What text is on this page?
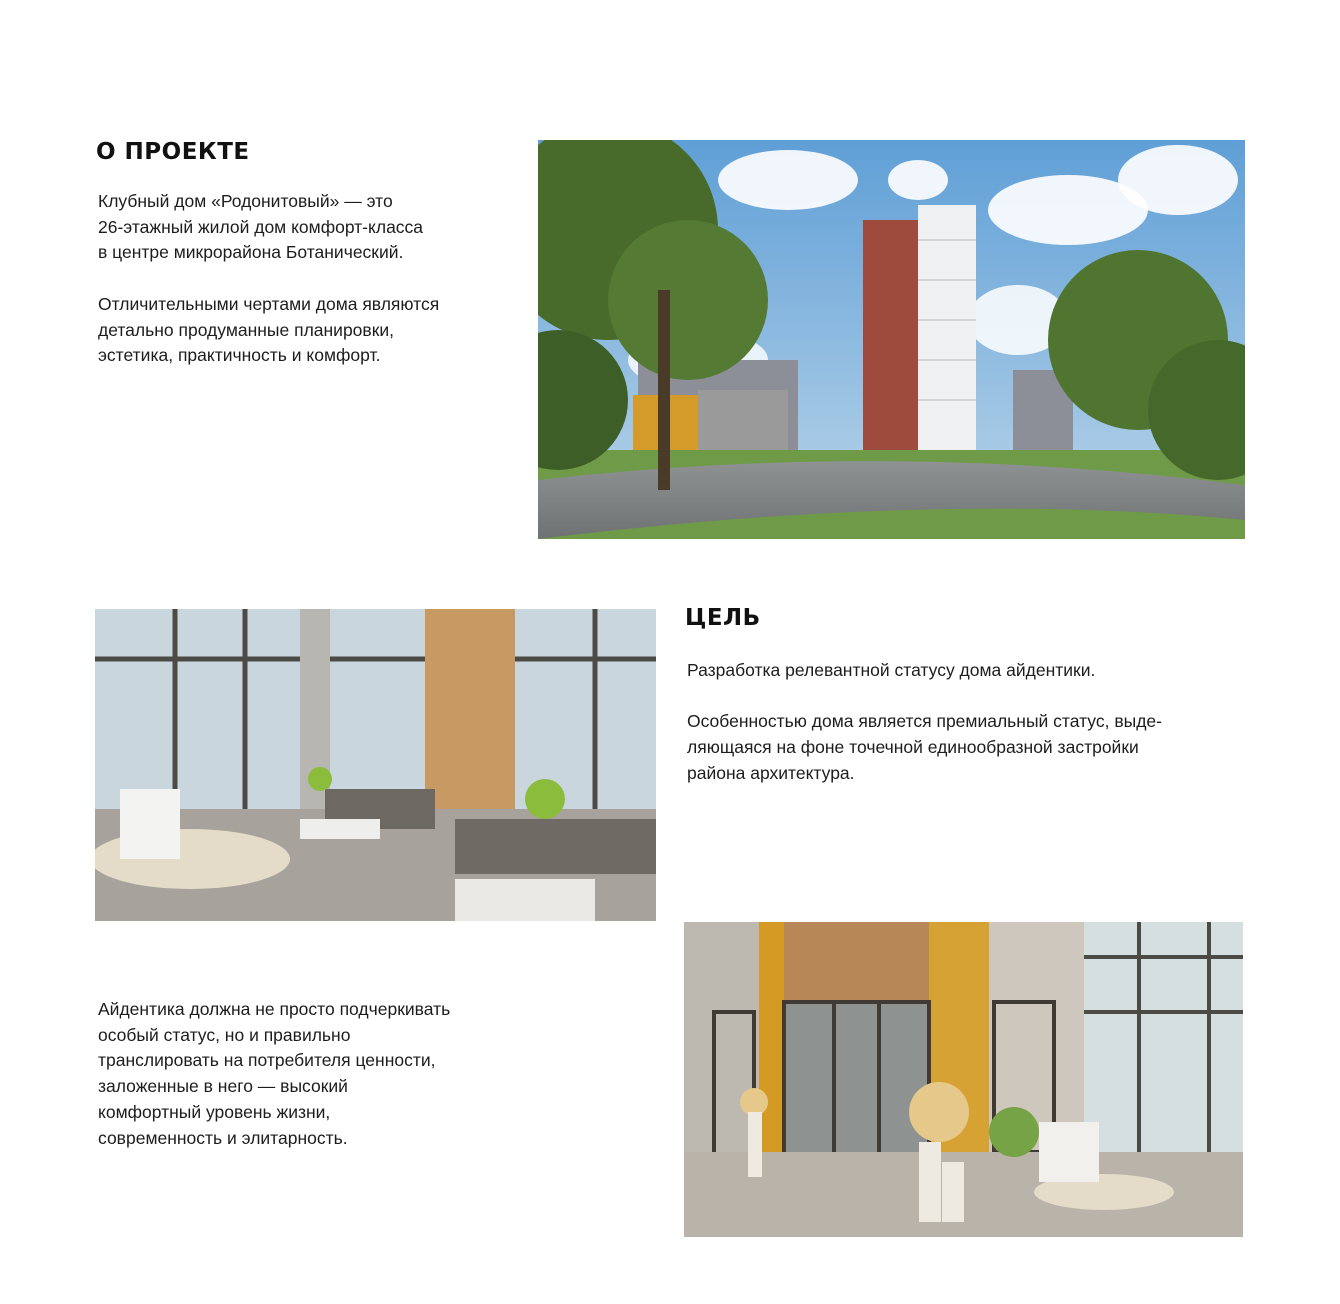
О ПРОЕКТЕ
Клубный дом «Родонитовый» — это
26-этажный жилой дом комфорт-класса
в центре микрорайона Ботанический.
Отличительными чертами дома являются
детально продуманные планировки,
эстетика, практичность и комфорт.
ЦЕЛЬ
Разработка релевантной статусу дома айдентики.
Особенностью дома является премиальный статус, выде-
ляющаяся на фоне точечной единообразной застройки
района архитектура.
Айдентика должна не просто подчеркивать
особый статус, но и правильно
транслировать на потребителя ценности,
заложенные в него — высокий
комфортный уровень жизни,
современность и элитарность.
